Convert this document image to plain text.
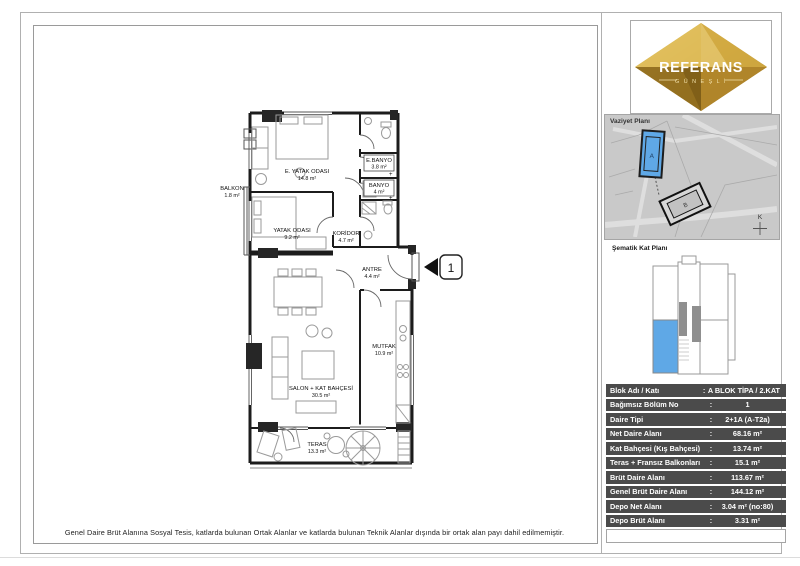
+
+
E. YATAK ODASI
14.8 m²
YATAK ODASI
9.2 m²
E.BANYO
3.8 m²
BANYO
4 m²
KORİDOR
4.7 m²
ANTRE
4.4 m²
MUTFAK
10.9 m²
SALON + KAT BAHÇESİ
30.5 m²
TERAS
13.3 m²
BALKON
1.8 m²
1
Genel Daire Brüt Alanına Sosyal Tesis, katlarda bulunan Ortak Alanlar ve katlarda bulunan Teknik Alanlar dışında bir ortak alan payı dahil edilmemiştir.
REFERANS
G Ü N E Ş L İ
Vaziyet Planı
A
B
K
Şematik Kat Planı
Blok Adı / Katı	: A BLOK TİPA / 2.KAT
Bağımsız Bölüm No	:	1
Daire Tipi	:	2+1A (A-T2a)
Net Daire Alanı	:	68.16 m²
Kat Bahçesi (Kış Bahçesi)	:	13.74 m²
Teras + Fransız Balkonları	:	15.1 m²
Brüt Daire Alanı	:	113.67 m²
Genel Brüt Daire Alanı	:	144.12 m²
Depo Net Alanı	:	3.04 m² (no:80)
Depo Brüt Alanı	:	3.31 m²
